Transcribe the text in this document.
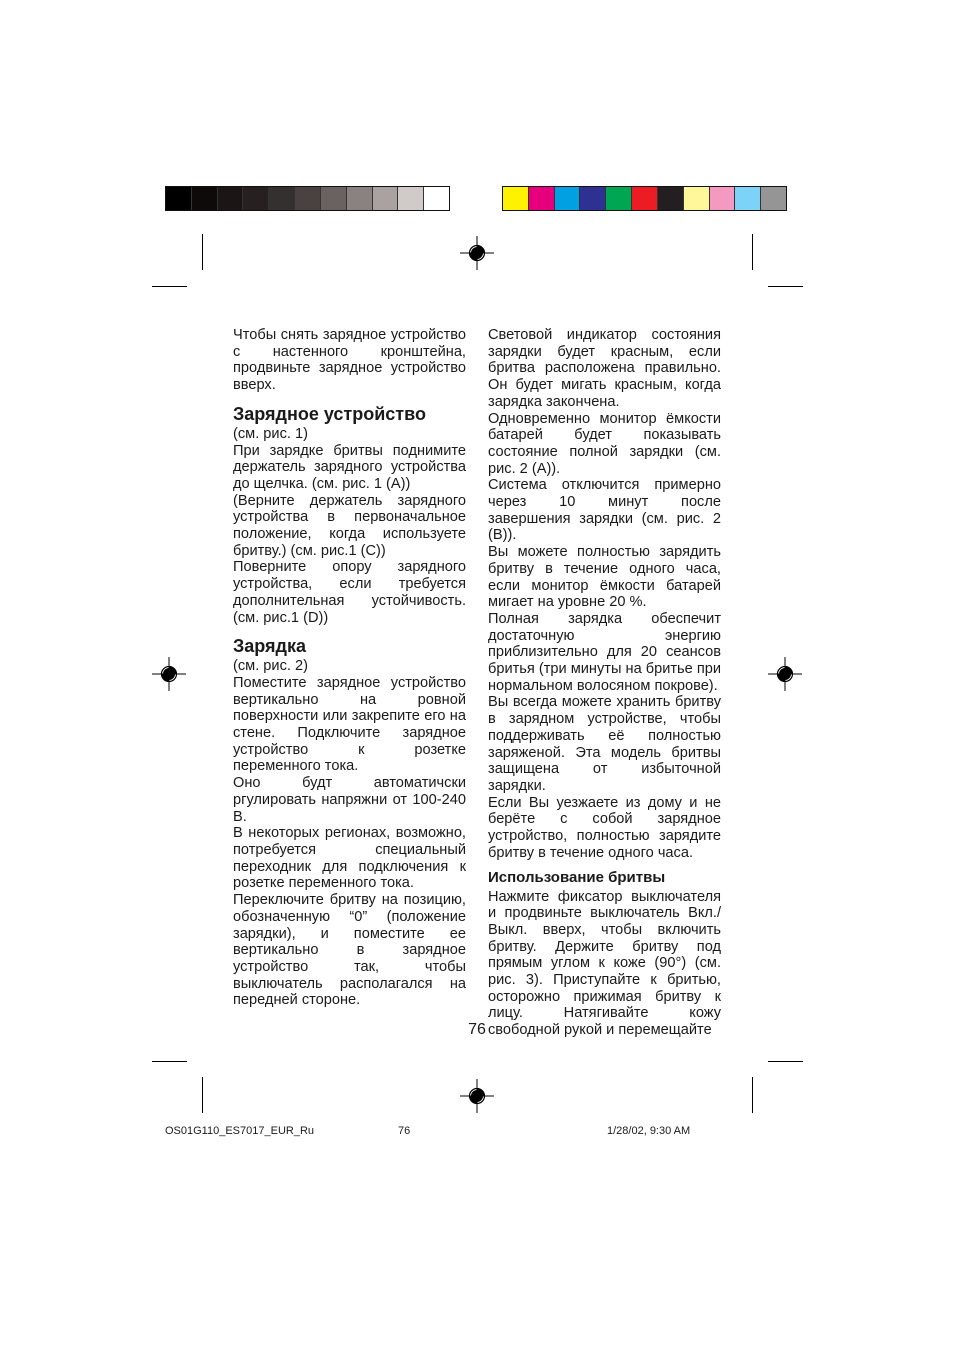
Чтобы снять зарядное устройство с настенного кронштейна, продвиньте зарядное устройство вверх.

Зарядное устройство

(см. рис. 1)

При зарядке бритвы поднимите держатель зарядного устройства до щелчка. (см. рис. 1 (A))

(Верните держатель зарядного устройства в первоначальное положение, когда используете бритву.) (см. рис.1 (C))

Поверните опору зарядного устройства, если требуется дополнительная устойчивость. (см. рис.1 (D))

Зарядка

(см. рис. 2)

Поместите зарядное устройство вертикально на ровной поверхности или закрепите его на стене. Подключите зарядное устройство к розетке переменного тока.

Оно будт автоматичски ргулировать напряжни от 100-240 В.

В некоторых регионах, возможно, потребуется специальный переходник для подключения к розетке переменного тока.

Переключите бритву на позицию, обозначенную “0” (положение зарядки), и поместите ее вертикально в зарядное устройство так, чтобы выключатель располагался на передней стороне.

Световой индикатор состояния зарядки будет красным, если бритва расположена правильно. Он будет мигать красным, когда зарядка закончена.

Одновременно монитор ёмкости батарей будет показывать состояние полной зарядки (см. рис. 2 (A)).

Система отключится примерно через 10 минут после завершения зарядки (см. рис. 2 (B)).

Вы можете полностью зарядить бритву в течение одного часа, если монитор ёмкости батарей мигает на уровне 20 %.

Полная зарядка обеспечит достаточную энергию приблизительно для 20 сеансов бритья (три минуты на бритье при нормальном волосяном покрове).

Вы всегда можете хранить бритву в зарядном устройстве, чтобы поддерживать её полностью заряженой. Эта модель бритвы защищена от избыточной зарядки.

Если Вы уезжаете из дому и не берёте с собой зарядное устройство, полностью зарядите бритву в течение одного часа.

Использование бритвы

Нажмите фиксатор выключателя и продвиньте выключатель Вкл./ Выкл. вверх, чтобы включить бритву. Держите бритву под прямым углом к коже (90°) (см. рис. 3). Приступайте к бритью, осторожно прижимая бритву к лицу. Натягивайте кожу свободной рукой и перемещайте

76
OS01G110_ES7017_EUR_Ru	76	1/28/02, 9:30 AM
